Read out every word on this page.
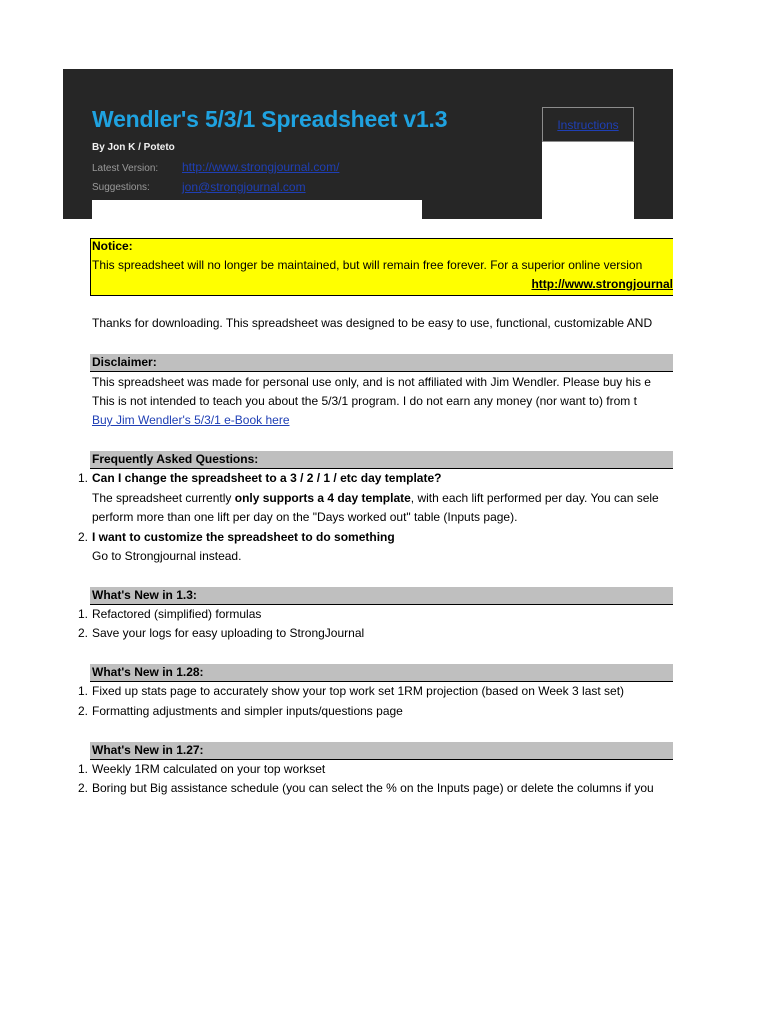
Wendler's 5/3/1 Spreadsheet v1.3
By Jon K / Poteto
Latest Version: http://www.strongjournal.com/
Suggestions:	jon@strongjournal.com
Instructions
Notice:
This spreadsheet will no longer be maintained, but will remain free forever. For a superior online version
http://www.strongjournal
Thanks for downloading. This spreadsheet was designed to be easy to use, functional, customizable AND
Disclaimer:
This spreadsheet was made for personal use only, and is not affiliated with Jim Wendler. Please buy his e
This is not intended to teach you about the 5/3/1 program. I do not earn any money (nor want to) from t
Buy Jim Wendler's 5/3/1 e-Book here
Frequently Asked Questions:
1. Can I change the spreadsheet to a 3 / 2 / 1 / etc day template?
The spreadsheet currently only supports a 4 day template, with each lift performed per day. You can sele
perform more than one lift per day on the "Days worked out" table (Inputs page).
2. I want to customize the spreadsheet to do something
Go to Strongjournal instead.
What's New in 1.3:
1. Refactored (simplified) formulas
2. Save your logs for easy uploading to StrongJournal
What's New in 1.28:
1. Fixed up stats page to accurately show your top work set 1RM projection (based on Week 3 last set)
2. Formatting adjustments and simpler inputs/questions page
What's New in 1.27:
1. Weekly 1RM calculated on your top workset
2. Boring but Big assistance schedule (you can select the % on the Inputs page) or delete the columns if you
